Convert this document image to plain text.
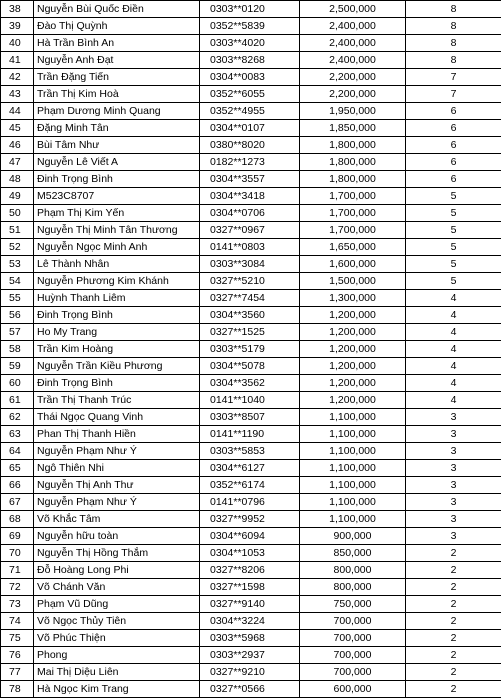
38	Nguyễn Bùi Quốc Điền	0303**0120	2,500,000	8
39	Đào Thị Quỳnh	0352**5839	2,400,000	8
40	Hà Trần Bình An	0303**4020	2,400,000	8
41	Nguyễn Anh Đạt	0303**8268	2,400,000	8
42	Trần Đặng Tiến	0304**0083	2,200,000	7
43	Trần Thị Kim Hoà	0352**6055	2,200,000	7
44	Phạm Dương Minh Quang	0352**4955	1,950,000	6
45	Đặng Minh Tân	0304**0107	1,850,000	6
46	Bùi Tâm Như	0380**8020	1,800,000	6
47	Nguyễn Lê Viết A	0182**1273	1,800,000	6
48	Đinh Trọng Bình	0304**3557	1,800,000	6
49	M523C8707	0304**3418	1,700,000	5
50	Phạm Thị Kim Yến	0304**0706	1,700,000	5
51	Nguyễn Thị Minh Tân Thương	0327**0967	1,700,000	5
52	Nguyễn Ngọc Minh Anh	0141**0803	1,650,000	5
53	Lê Thành Nhân	0303**3084	1,600,000	5
54	Nguyễn Phương Kim Khánh	0327**5210	1,500,000	5
55	Huỳnh Thanh Liêm	0327**7454	1,300,000	4
56	Đinh Trọng Bình	0304**3560	1,200,000	4
57	Ho My Trang	0327**1525	1,200,000	4
58	Trần Kim Hoàng	0303**5179	1,200,000	4
59	Nguyễn Trần Kiều Phương	0304**5078	1,200,000	4
60	Đinh Trọng Bình	0304**3562	1,200,000	4
61	Trần Thị Thanh Trúc	0141**1040	1,200,000	4
62	Thái Ngọc Quang Vinh	0303**8507	1,100,000	3
63	Phan Thị Thanh Hiền	0141**1190	1,100,000	3
64	Nguyễn Phạm Như Ý	0303**5853	1,100,000	3
65	Ngô Thiên Nhi	0304**6127	1,100,000	3
66	Nguyễn Thị Anh Thư	0352**6174	1,100,000	3
67	Nguyễn Phạm Như Ý	0141**0796	1,100,000	3
68	Võ Khắc Tâm	0327**9952	1,100,000	3
69	Nguyễn hữu toàn	0304**6094	900,000	3
70	Nguyễn Thị Hồng Thắm	0304**1053	850,000	2
71	Đỗ Hoàng Long Phi	0327**8206	800,000	2
72	Võ Chánh Văn	0327**1598	800,000	2
73	Phạm Vũ Dũng	0327**9140	750,000	2
74	Võ Ngọc Thủy Tiên	0304**3224	700,000	2
75	Võ Phúc Thiện	0303**5968	700,000	2
76	Phong	0303**2937	700,000	2
77	Mai Thị Diệu Liên	0327**9210	700,000	2
78	Hà Ngọc Kim Trang	0327**0566	600,000	2
